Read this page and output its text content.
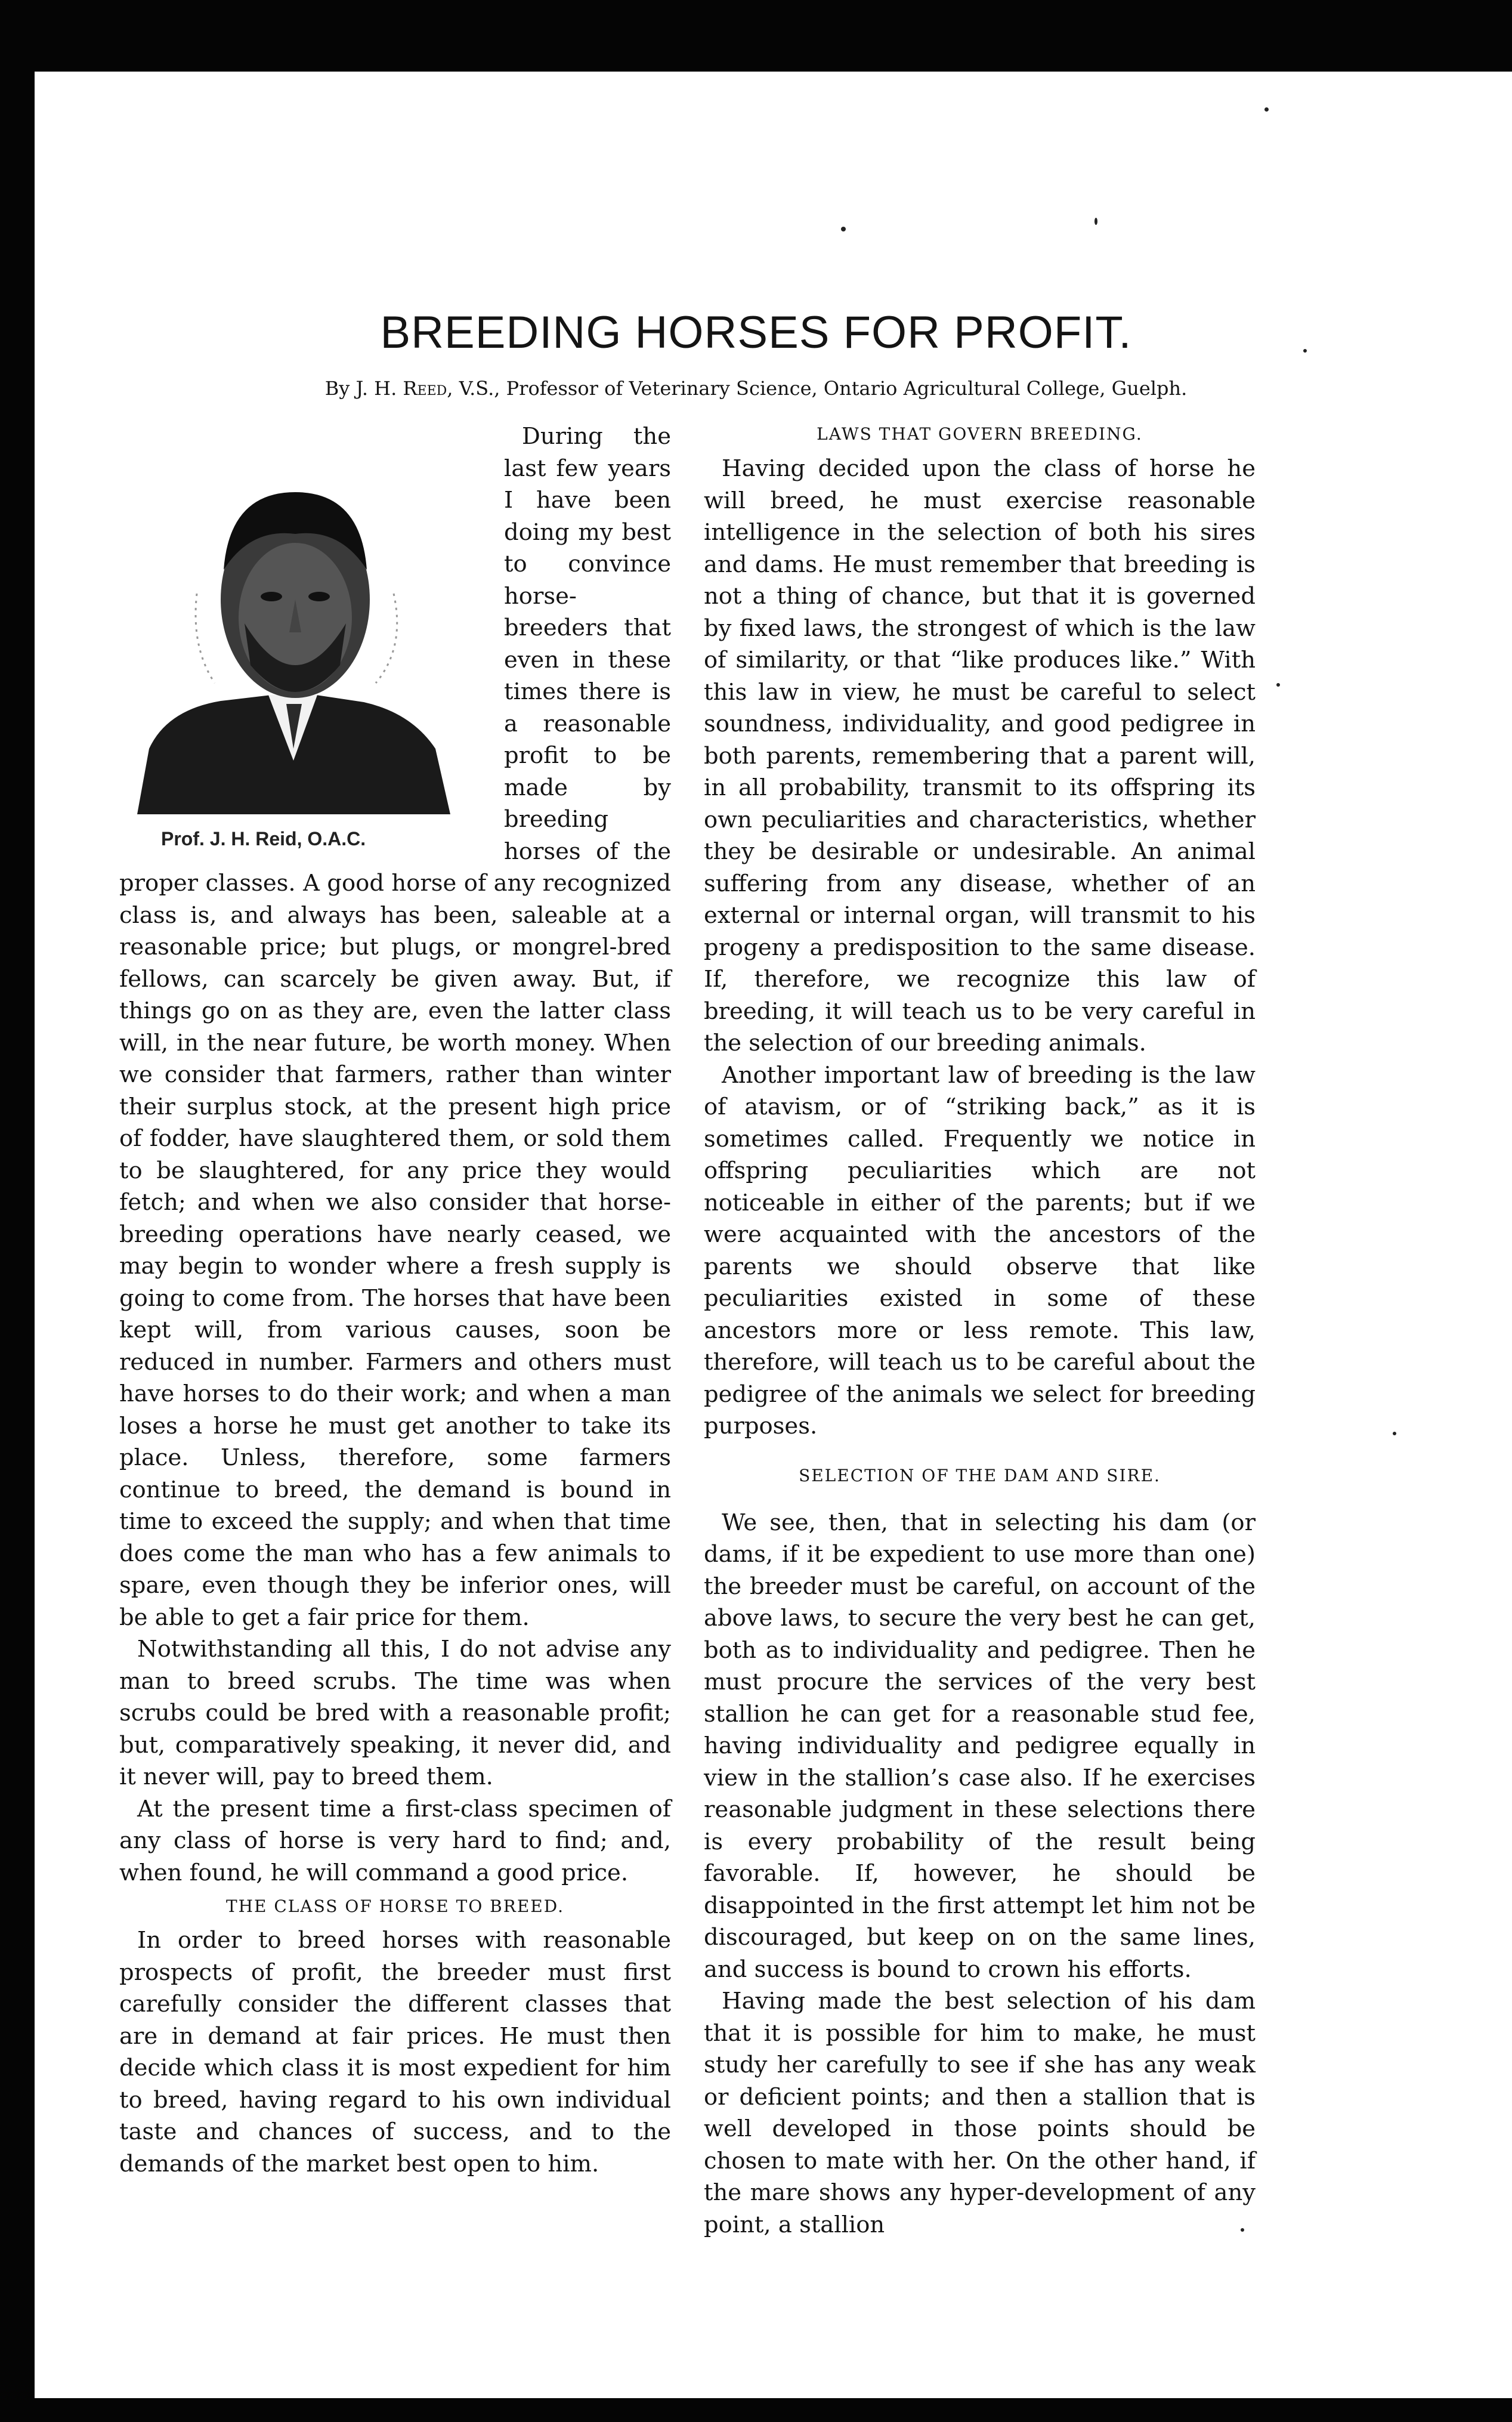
BREEDING HORSES FOR PROFIT.
By J. H. Reed, V.S., Professor of Veterinary Science, Ontario Agricultural College, Guelph.
Prof. J. H. Reid, O.A.C.

During the last few years I have been doing my best to convince horse-breeders that even in these times there is a reasonable profit to be made by breeding horses of the proper classes. A good horse of any recognized class is, and always has been, saleable at a reasonable price; but plugs, or mongrel-bred fellows, can scarcely be given away. But, if things go on as they are, even the latter class will, in the near future, be worth money. When we consider that farmers, rather than winter their surplus stock, at the present high price of fodder, have slaughtered them, or sold them to be slaughtered, for any price they would fetch; and when we also consider that horse-breeding operations have nearly ceased, we may begin to wonder where a fresh supply is going to come from. The horses that have been kept will, from various causes, soon be reduced in number. Farmers and others must have horses to do their work; and when a man loses a horse he must get another to take its place. Unless, therefore, some farmers continue to breed, the demand is bound in time to exceed the supply; and when that time does come the man who has a few animals to spare, even though they be inferior ones, will be able to get a fair price for them.

Notwithstanding all this, I do not advise any man to breed scrubs. The time was when scrubs could be bred with a reasonable profit; but, comparatively speaking, it never did, and it never will, pay to breed them.

At the present time a first-class specimen of any class of horse is very hard to find; and, when found, he will command a good price.

THE CLASS OF HORSE TO BREED.

In order to breed horses with reasonable prospects of profit, the breeder must first carefully consider the different classes that are in demand at fair prices. He must then decide which class it is most expedient for him to breed, having regard to his own individual taste and chances of success, and to the demands of the market best open to him.

LAWS THAT GOVERN BREEDING.

Having decided upon the class of horse he will breed, he must exercise reasonable intelligence in the selection of both his sires and dams. He must remember that breeding is not a thing of chance, but that it is governed by fixed laws, the strongest of which is the law of similarity, or that “like produces like.” With this law in view, he must be careful to select soundness, individuality, and good pedigree in both parents, remembering that a parent will, in all probability, transmit to its offspring its own peculiarities and characteristics, whether they be desirable or undesirable. An animal suffering from any disease, whether of an external or internal organ, will transmit to his progeny a predisposition to the same disease. If, therefore, we recognize this law of breeding, it will teach us to be very careful in the selection of our breeding animals.

Another important law of breeding is the law of atavism, or of “striking back,” as it is sometimes called. Frequently we notice in offspring peculiarities which are not noticeable in either of the parents; but if we were acquainted with the ancestors of the parents we should observe that like peculiarities existed in some of these ancestors more or less remote. This law, therefore, will teach us to be careful about the pedigree of the animals we select for breeding purposes.

SELECTION OF THE DAM AND SIRE.

We see, then, that in selecting his dam (or dams, if it be expedient to use more than one) the breeder must be careful, on account of the above laws, to secure the very best he can get, both as to individuality and pedigree. Then he must procure the services of the very best stallion he can get for a reasonable stud fee, having individuality and pedigree equally in view in the stallion’s case also. If he exercises reasonable judgment in these selections there is every probability of the result being favorable. If, however, he should be disappointed in the first attempt let him not be discouraged, but keep on on the same lines, and success is bound to crown his efforts.

Having made the best selection of his dam that it is possible for him to make, he must study her carefully to see if she has any weak or deficient points; and then a stallion that is well developed in those points should be chosen to mate with her. On the other hand, if the mare shows any hyper-development of any point, a stallion
